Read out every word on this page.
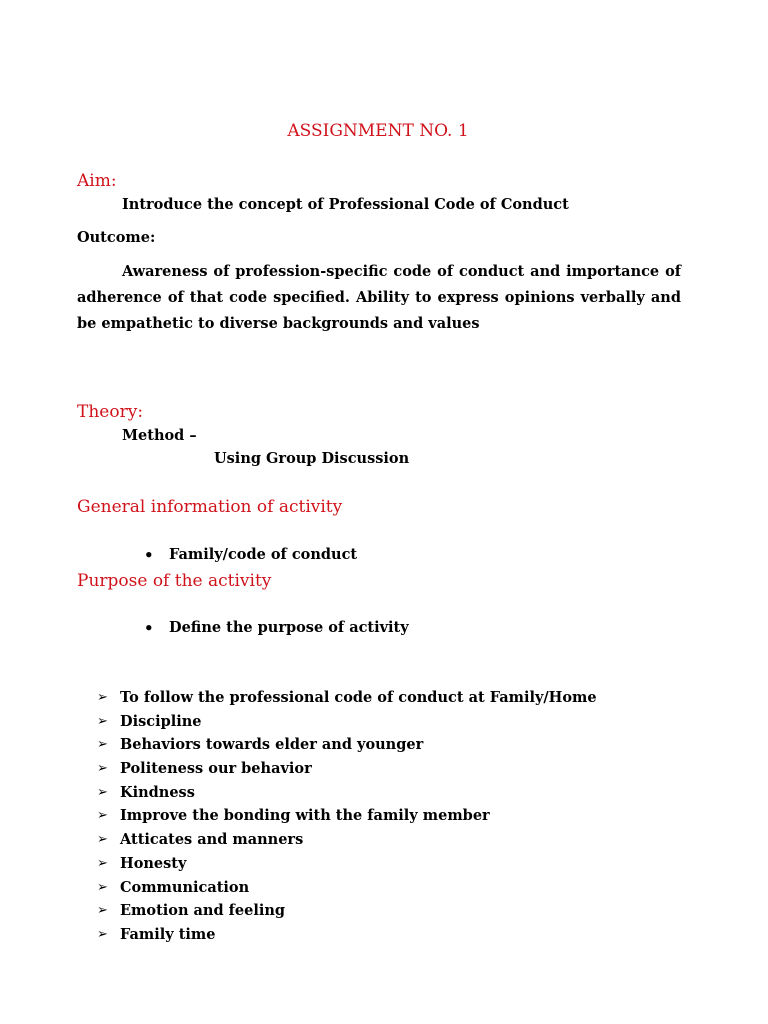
ASSIGNMENT NO. 1
Aim:
Introduce the concept of Professional Code of Conduct
Outcome:
Awareness of profession-specific code of conduct and importance of adherence of that code specified. Ability to express opinions verbally and be empathetic to diverse backgrounds and values
Theory:
Method –
Using Group Discussion
General information of activity
• Family/code of conduct
Purpose of the activity
• Define the purpose of activity
➢ To follow the professional code of conduct at Family/Home
➢ Discipline
➢ Behaviors towards elder and younger
➢ Politeness our behavior
➢ Kindness
➢ Improve the bonding with the family member
➢ Atticates and manners
➢ Honesty
➢ Communication
➢ Emotion and feeling
➢ Family time
